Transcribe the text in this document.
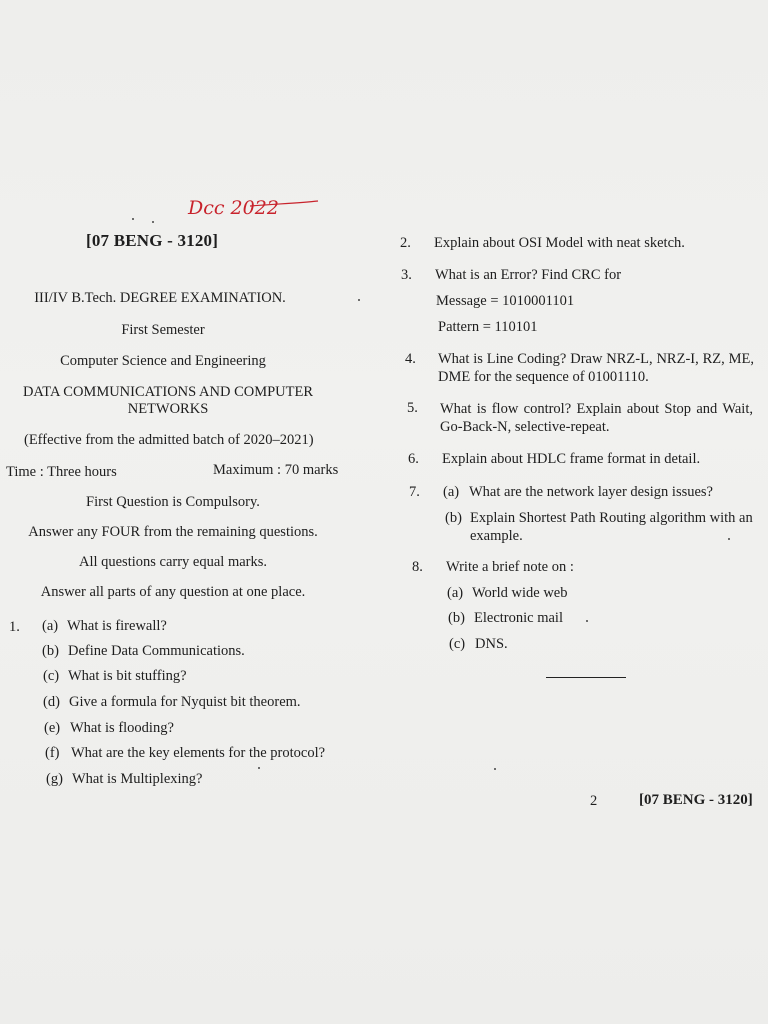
Dcc 2022
[07 BENG - 3120]
III/IV B.Tech. DEGREE EXAMINATION.
First Semester
Computer Science and Engineering
DATA COMMUNICATIONS AND COMPUTER
NETWORKS
(Effective from the admitted batch of 2020–2021)
Time : Three hours	Maximum : 70 marks
First Question is Compulsory.
Answer any FOUR from the remaining questions.
All questions carry equal marks.
Answer all parts of any question at one place.
1. (a) What is firewall?
(b) Define Data Communications.
(c) What is bit stuffing?
(d) Give a formula for Nyquist bit theorem.
(e) What is flooding?
(f) What are the key elements for the protocol?
(g) What is Multiplexing?
2. Explain about OSI Model with neat sketch.
3. What is an Error? Find CRC for
Message = 1010001101
Pattern = 110101
4. What is Line Coding? Draw NRZ-L, NRZ-I, RZ, ME, DME for the sequence of 01001110.
5. What is flow control? Explain about Stop and Wait, Go-Back-N, selective-repeat.
6. Explain about HDLC frame format in detail.
7. (a) What are the network layer design issues?
(b) Explain Shortest Path Routing algorithm with an example.
8. Write a brief note on :
(a) World wide web
(b) Electronic mail
(c) DNS.
2	[07 BENG - 3120]
